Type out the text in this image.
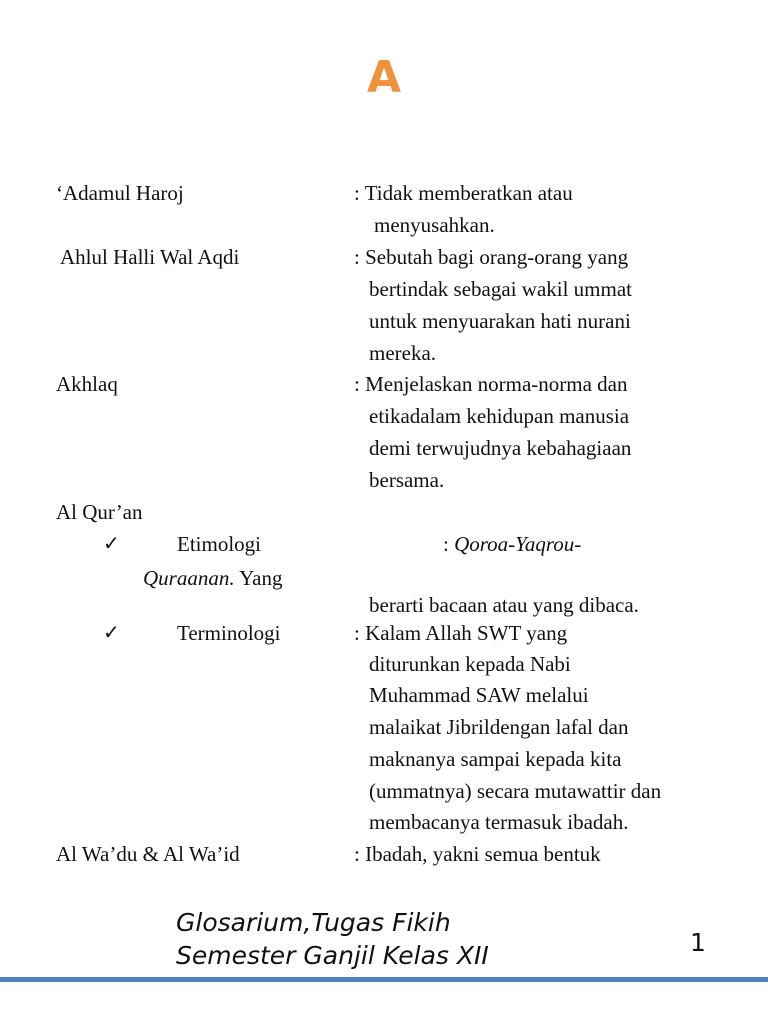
A
‘Adamul Haroj	: Tidak memberatkan atau
menyusahkan.
Ahlul Halli Wal Aqdi	: Sebutah bagi orang-orang yang
bertindak sebagai wakil ummat
untuk menyuarakan hati nurani
mereka.
Akhlaq	: Menjelaskan norma-norma dan
etikadalam kehidupan manusia
demi terwujudnya kebahagiaan
bersama.
Al Qur’an
✓	Etimologi	: Qoroa-Yaqrou-
Quraanan. Yang
berarti bacaan atau yang dibaca.
✓	Terminologi	: Kalam Allah SWT yang
diturunkan kepada Nabi
Muhammad SAW melalui
malaikat Jibrildengan lafal dan
maknanya sampai kepada kita
(ummatnya) secara mutawattir dan
membacanya termasuk ibadah.
Al Wa’du & Al Wa’id	: Ibadah, yakni semua bentuk
Glosarium,Tugas Fikih
Semester Ganjil Kelas XII	1
